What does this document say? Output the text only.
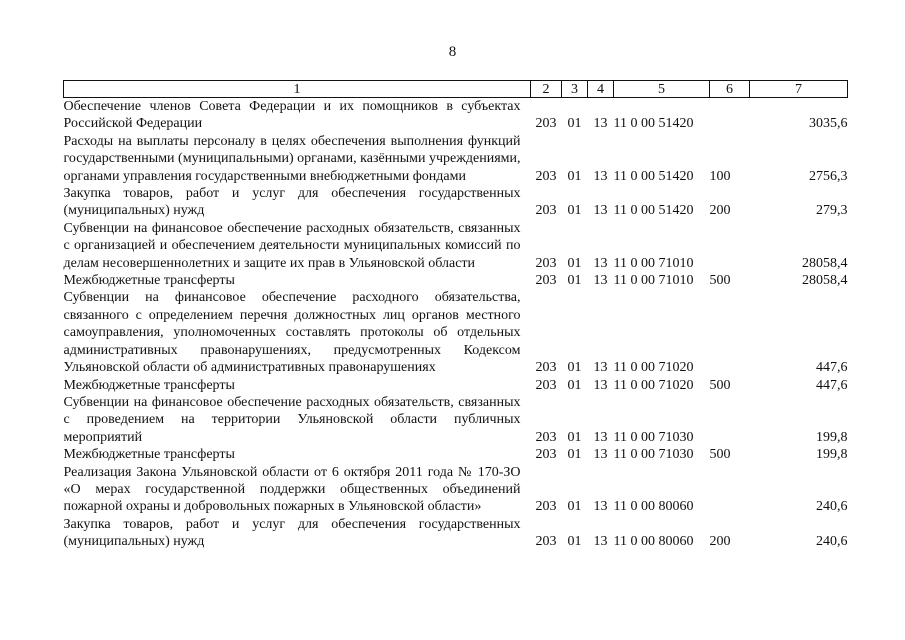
8
1	2	3	4	5	6	7
Обеспечение членов Совета Федерации и их помощников в субъектах Российской Федерации	203	01	13	11 0 00 51420		3035,6
Расходы на выплаты персоналу в целях обеспечения выполнения функций государственными (муниципальными) органами, казёнными учреждениями, органами управления государственными внебюджетными фондами	203	01	13	11 0 00 51420	100	2756,3
Закупка товаров, работ и услуг для обеспечения государственных (муниципальных) нужд	203	01	13	11 0 00 51420	200	279,3
Субвенции на финансовое обеспечение расходных обязательств, связанных с организацией и обеспечением деятельности муниципальных комиссий по делам несовершеннолетних и защите их прав в Ульяновской области	203	01	13	11 0 00 71010		28058,4
Межбюджетные трансферты	203	01	13	11 0 00 71010	500	28058,4
Субвенции на финансовое обеспечение расходного обязательства, связанного с определением перечня должностных лиц органов местного самоуправления, уполномоченных составлять протоколы об отдельных административных правонарушениях, предусмотренных Кодексом Ульяновской области об административных правонарушениях	203	01	13	11 0 00 71020		447,6
Межбюджетные трансферты	203	01	13	11 0 00 71020	500	447,6
Субвенции на финансовое обеспечение расходных обязательств, связанных с проведением на территории Ульяновской области публичных мероприятий	203	01	13	11 0 00 71030		199,8
Межбюджетные трансферты	203	01	13	11 0 00 71030	500	199,8
Реализация Закона Ульяновской области от 6 октября 2011 года № 170-ЗО «О мерах государственной поддержки общественных объединений пожарной охраны и добровольных пожарных в Ульяновской области»	203	01	13	11 0 00 80060		240,6
Закупка товаров, работ и услуг для обеспечения государственных (муниципальных) нужд	203	01	13	11 0 00 80060	200	240,6
